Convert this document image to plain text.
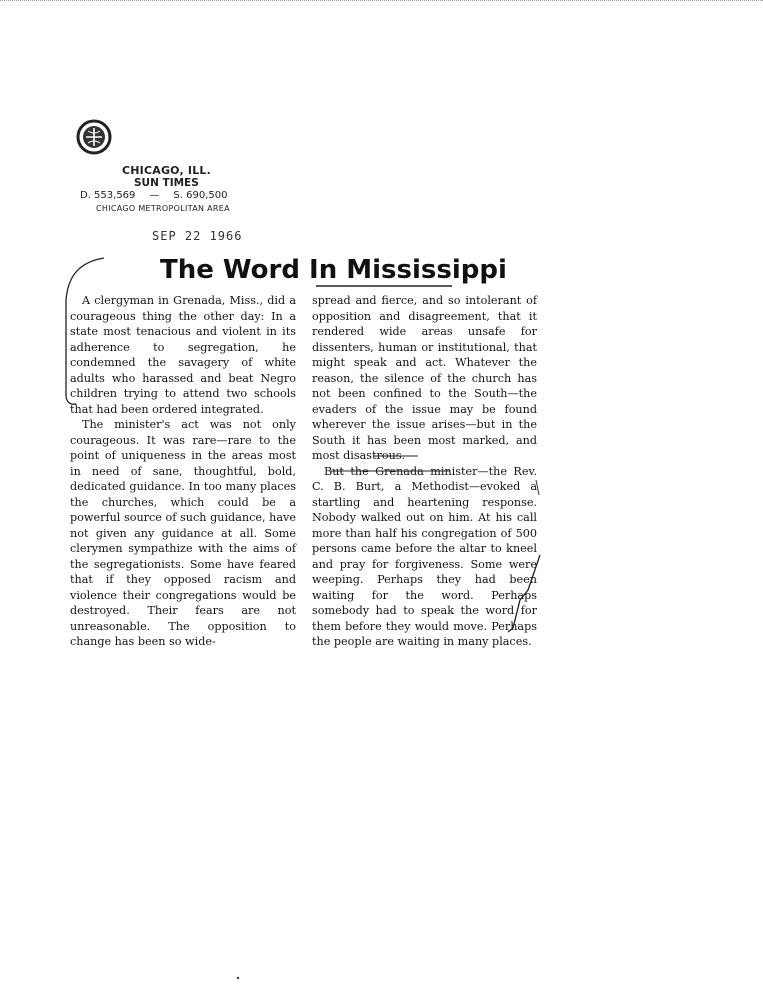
CHICAGO, ILL.
SUN TIMES
D. 553,569 — S. 690,500
CHICAGO METROPOLITAN AREA
SEP 22 1966
The Word In Mississippi

A clergyman in Grenada, Miss., did a courageous thing the other day: In a state most tenacious and violent in its adherence to segregation, he condemned the savagery of white adults who harassed and beat Negro children trying to attend two schools that had been ordered integrated.

The minister's act was not only courageous. It was rare—rare to the point of uniqueness in the areas most in need of sane, thoughtful, bold, dedicated guidance. In too many places the churches, which could be a powerful source of such guidance, have not given any guidance at all. Some clerymen sympathize with the aims of the segregationists. Some have feared that if they opposed racism and violence their congregations would be destroyed. Their fears are not unreasonable. The opposition to change has been so wide-

spread and fierce, and so intolerant of opposition and disagreement, that it rendered wide areas unsafe for dissenters, human or institutional, that might speak and act. Whatever the reason, the silence of the church has not been confined to the South—the evaders of the issue may be found wherever the issue arises—but in the South it has been most marked, and most disastrous.

But the Grenada minister—the Rev. C. B. Burt, a Methodist—evoked a startling and heartening response. Nobody walked out on him. At his call more than half his congregation of 500 persons came before the altar to kneel and pray for forgiveness. Some were weeping. Perhaps they had been waiting for the word. Perhaps somebody had to speak the word for them before they would move. Perhaps the people are waiting in many places.
